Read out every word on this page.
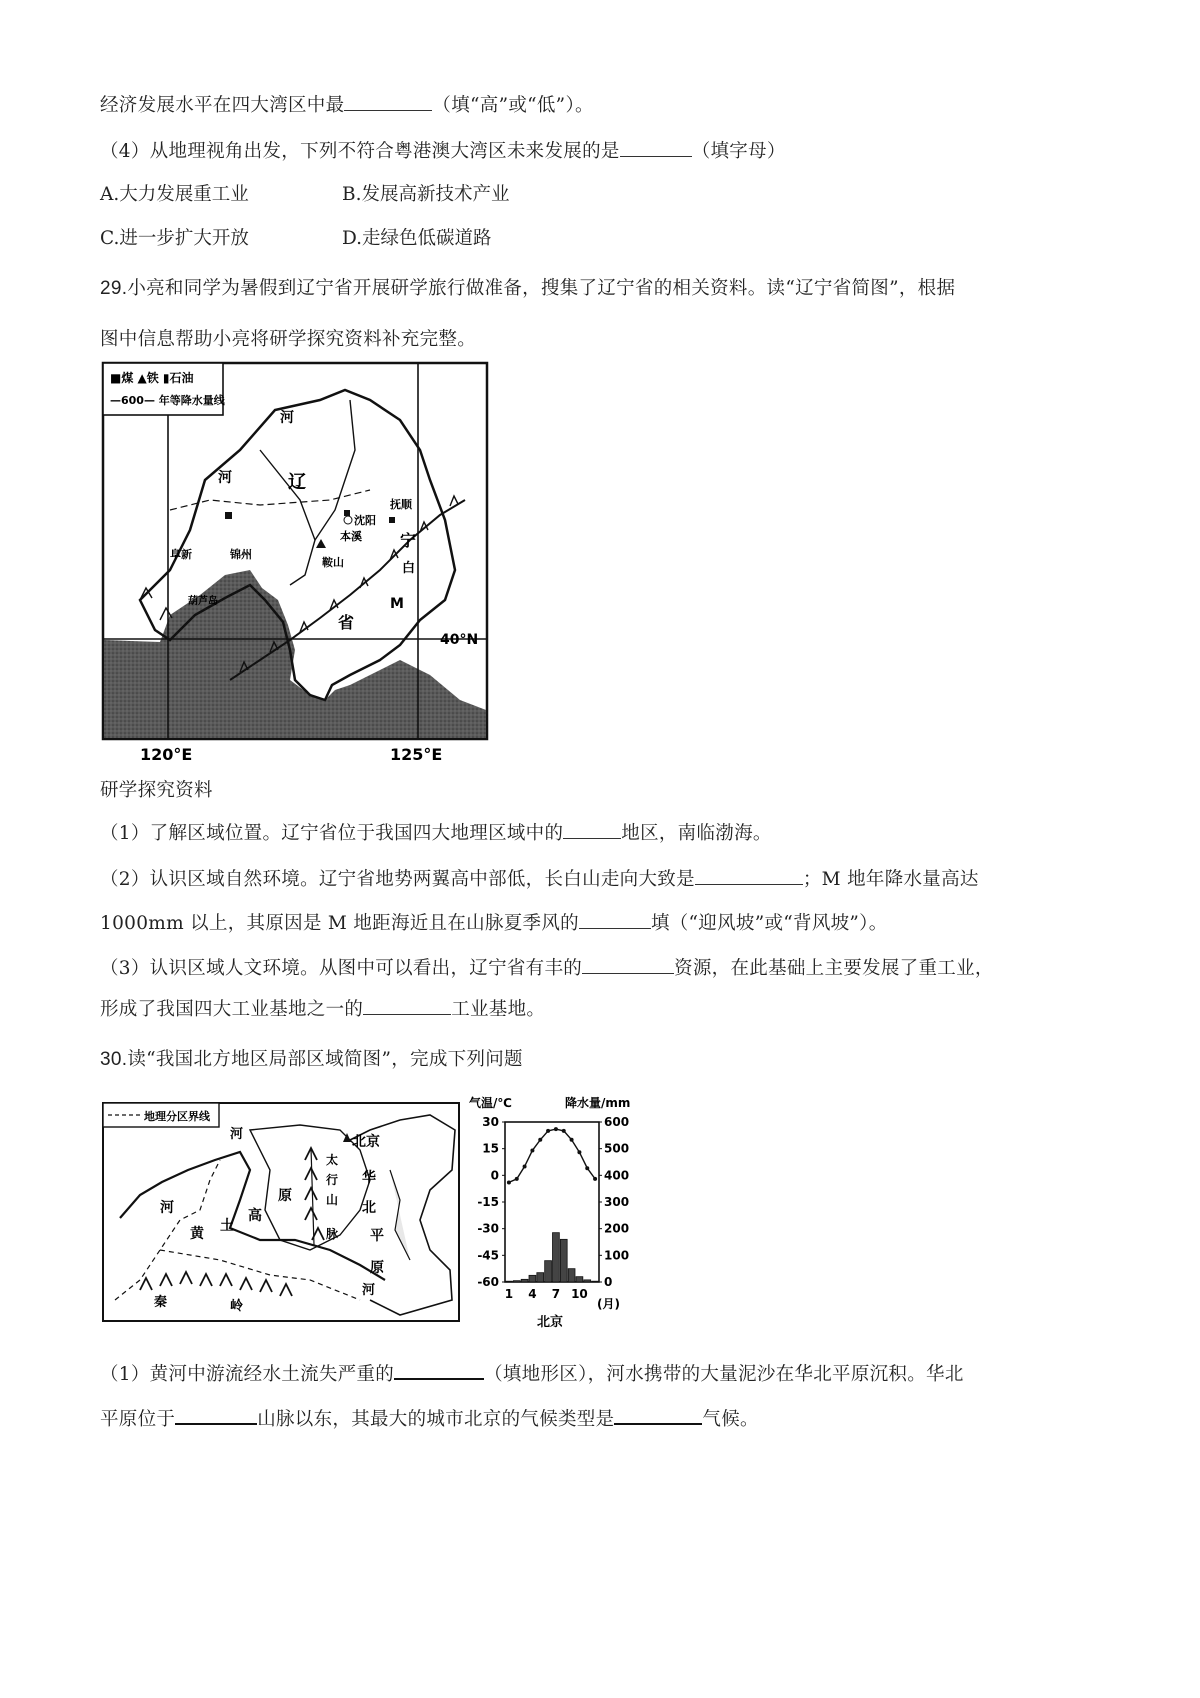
经济发展水平在四大湾区中最	（填“高”或“低”）。
（4）从地理视角出发，下列不符合粤港澳大湾区未来发展的是	（填字母）
A.大力发展重工业	B.发展高新技术产业
C.进一步扩大开放	D.走绿色低碳道路
29.小亮和同学为暑假到辽宁省开展研学旅行做准备，搜集了辽宁省的相关资料。读“辽宁省简图”，根据
图中信息帮助小亮将研学探究资料补充完整。
■煤 ▲铁 ▮石油
—600— 年等降水量线
河
河	辽
宁
省
沈阳
抚顺
本溪
鞍山
阜新	锦州
葫芦岛	M
白
40°N
120°E	125°E
研学探究资料
（1）了解区域位置。辽宁省位于我国四大地理区域中的	地区，南临渤海。
（2）认识区域自然环境。辽宁省地势两翼高中部低，长白山走向大致是	；M 地年降水量高达
1000mm 以上，其原因是 M 地距海近且在山脉夏季风的	填（“迎风坡”或“背风坡”）。
（3）认识区域人文环境。从图中可以看出，辽宁省有丰的	资源，在此基础上主要发展了重工业，
形成了我国四大工业基地之一的	工业基地。
30.读“我国北方地区局部区域简图”，完成下列问题
地理分区界线
河
黄 土
高
原
太
行
山
脉
河	北京
华
北
平
原
河
秦	岭
气温/℃	降水量/mm
30
15
0
-15
-30
-45
-60
600
500
400
300
200
100
0
1 4 7 10
(月)
北京
（1）黄河中游流经水土流失严重的	（填地形区），河水携带的大量泥沙在华北平原沉积。华北
平原位于	山脉以东，其最大的城市北京的气候类型是	气候。
